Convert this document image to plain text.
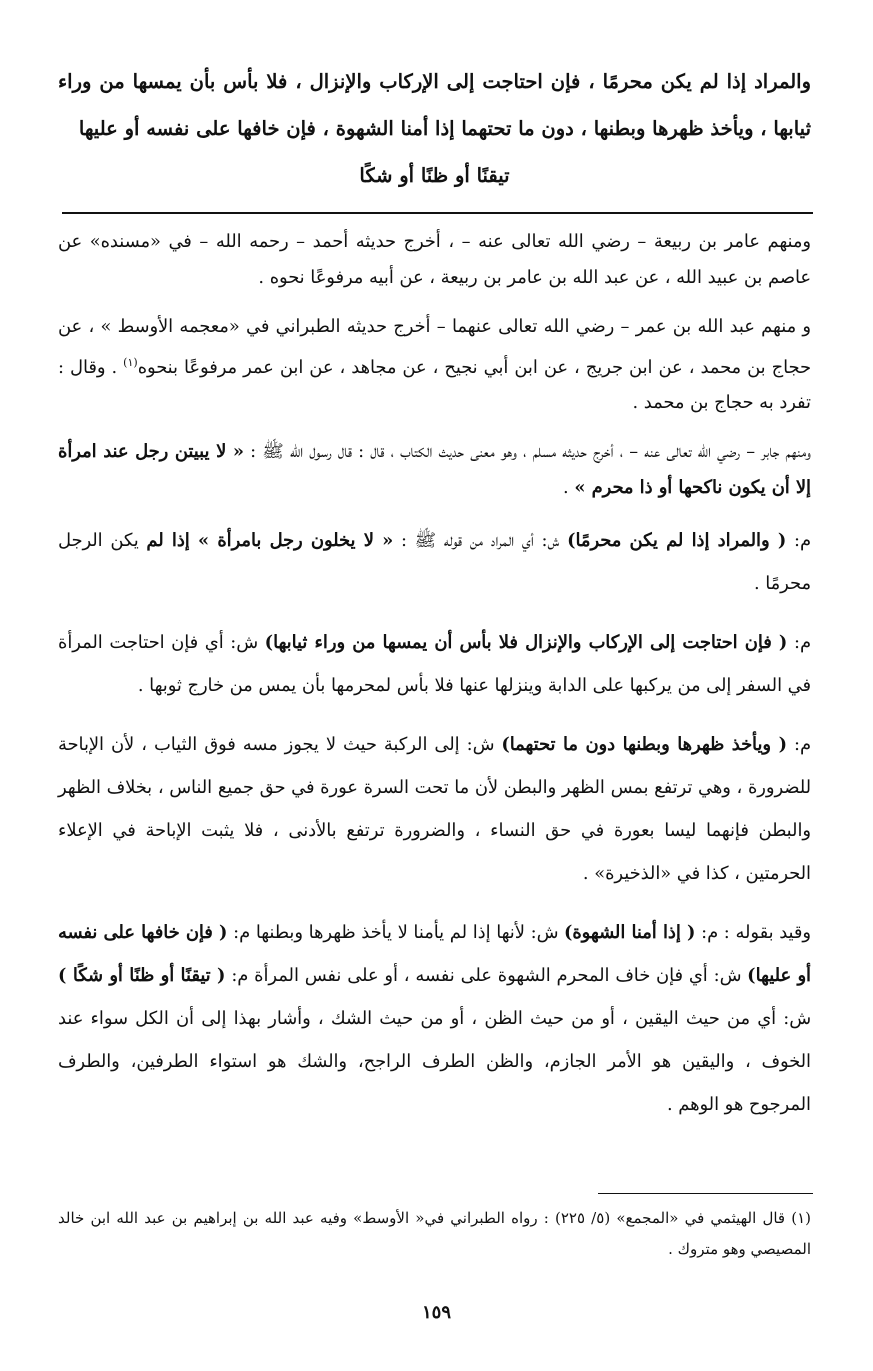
والمراد إذا لم يكن محرمًا ، فإن احتاجت إلى الإركاب والإنزال ، فلا بأس بأن يمسها من وراء ثيابها ، ويأخذ ظهرها وبطنها ، دون ما تحتهما إذا أمنا الشهوة ، فإن خافها على نفسه أو عليها
تيقنًا أو ظنًا أو شكًا

ومنهم عامر بن ربيعة – رضي الله تعالى عنه – ، أخرج حديثه أحمد – رحمه الله – في «مسنده» عن عاصم بن عبيد الله ، عن عبد الله بن عامر بن ربيعة ، عن أبيه مرفوعًا نحوه .

و منهم عبد الله بن عمر – رضي الله تعالى عنهما – أخرج حديثه الطبراني في «معجمه الأوسط » ، عن حجاج بن محمد ، عن ابن جريج ، عن ابن أبي نجيح ، عن مجاهد ، عن ابن عمر مرفوعًا بنحوه$^{(١)}$ . وقال : تفرد به حجاج بن محمد .

ومنهم جابر – رضي الله تعالى عنه – ، أخرج حديثه مسلم ، وهو معنى حديث الكتاب ، قال : قال رسول الله ﷺ : « لا يبيتن رجل عند امرأة إلا أن يكون ناكحها أو ذا محرم » .

م: ( والمراد إذا لم يكن محرمًا) ش: أي المراد من قوله ﷺ : « لا يخلون رجل بامرأة » إذا لم يكن الرجل محرمًا .

م: ( فإن احتاجت إلى الإركاب والإنزال فلا بأس أن يمسها من وراء ثيابها) ش: أي فإن احتاجت المرأة في السفر إلى من يركبها على الدابة وينزلها عنها فلا بأس لمحرمها بأن يمس من خارج ثوبها .

م: ( ويأخذ ظهرها وبطنها دون ما تحتهما) ش: إلى الركبة حيث لا يجوز مسه فوق الثياب ، لأن الإباحة للضرورة ، وهي ترتفع بمس الظهر والبطن لأن ما تحت السرة عورة في حق جميع الناس ، بخلاف الظهر والبطن فإنهما ليسا بعورة في حق النساء ، والضرورة ترتفع بالأدنى ، فلا يثبت الإباحة في الإعلاء الحرمتين ، كذا في «الذخيرة» .

وقيد بقوله : م: ( إذا أمنا الشهوة) ش: لأنها إذا لم يأمنا لا يأخذ ظهرها وبطنها م: ( فإن خافها على نفسه أو عليها) ش: أي فإن خاف المحرم الشهوة على نفسه ، أو على نفس المرأة م: ( تيقنًا أو ظنًا أو شكًا ) ش: أي من حيث اليقين ، أو من حيث الظن ، أو من حيث الشك ، وأشار بهذا إلى أن الكل سواء عند الخوف ، واليقين هو الأمر الجازم، والظن الطرف الراجح، والشك هو استواء الطرفين، والطرف المرجوح هو الوهم .

(١) قال الهيثمي في «المجمع» (٥/ ٢٢٥) : رواه الطبراني في« الأوسط» وفيه عبد الله بن إبراهيم بن عبد الله ابن خالد المصيصي وهو متروك .
١٥٩
